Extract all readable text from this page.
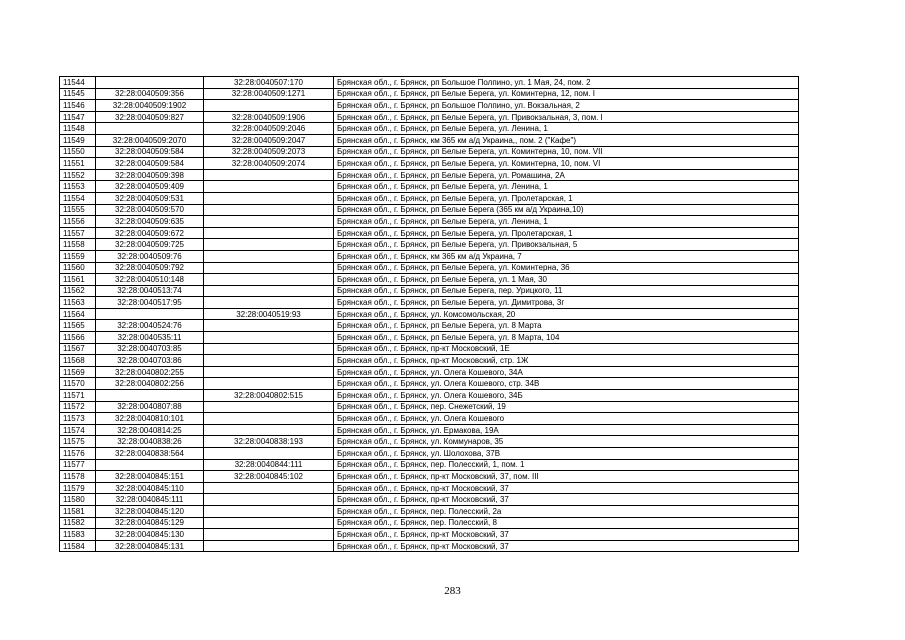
11544		32:28:0040507:170	Брянская обл., г. Брянск, рп Большое Полпино, ул. 1 Мая, 24, пом. 2
11545	32:28:0040509:356	32:28:0040509:1271	Брянская обл., г. Брянск, рп Белые Берега, ул. Коминтерна, 12, пом. I
11546	32:28:0040509:1902		Брянская обл., г. Брянск, рп Большое Полпино, ул. Вокзальная, 2
11547	32:28:0040509:827	32:28:0040509:1906	Брянская обл., г. Брянск, рп Белые Берега, ул. Привокзальная, 3, пом. I
11548		32:28:0040509:2046	Брянская обл., г. Брянск, рп Белые Берега, ул. Ленина, 1
11549	32:28:0040509:2070	32:28:0040509:2047	Брянская обл., г. Брянск, км 365 км а/д Украина,, пом. 2 ("Кафе")
11550	32:28:0040509:584	32:28:0040509:2073	Брянская обл., г. Брянск, рп Белые Берега, ул. Коминтерна, 10, пом. VII
11551	32:28:0040509:584	32:28:0040509:2074	Брянская обл., г. Брянск, рп Белые Берега, ул. Коминтерна, 10, пом. VI
11552	32:28:0040509:398		Брянская обл., г. Брянск, рп Белые Берега, ул. Ромашина, 2А
11553	32:28:0040509:409		Брянская обл., г. Брянск, рп Белые Берега, ул. Ленина, 1
11554	32:28:0040509:531		Брянская обл., г. Брянск, рп Белые Берега, ул. Пролетарская, 1
11555	32:28:0040509:570		Брянская обл., г. Брянск, рп Белые Берега (365 км а/д Украина,10)
11556	32:28:0040509:635		Брянская обл., г. Брянск, рп Белые Берега, ул. Ленина, 1
11557	32:28:0040509:672		Брянская обл., г. Брянск, рп Белые Берега, ул. Пролетарская, 1
11558	32:28:0040509:725		Брянская обл., г. Брянск, рп Белые Берега, ул. Привокзальная, 5
11559	32:28:0040509:76		Брянская обл., г. Брянск, км 365 км а/д Украина, 7
11560	32:28:0040509:792		Брянская обл., г. Брянск, рп Белые Берега, ул. Коминтерна, 36
11561	32:28:0040510:148		Брянская обл., г. Брянск, рп Белые Берега, ул. 1 Мая, 30
11562	32:28:0040513:74		Брянская обл., г. Брянск, рп Белые Берега, пер. Урицкого, 11
11563	32:28:0040517:95		Брянская обл., г. Брянск, рп Белые Берега, ул. Димитрова, 3г
11564		32:28:0040519:93	Брянская обл., г. Брянск, ул. Комсомольская, 20
11565	32:28:0040524:76		Брянская обл., г. Брянск, рп Белые Берега, ул. 8 Марта
11566	32:28:0040535:11		Брянская обл., г. Брянск, рп Белые Берега, ул. 8 Марта, 104
11567	32:28:0040703:85		Брянская обл., г. Брянск, пр-кт Московский, 1Е
11568	32:28:0040703:86		Брянская обл., г. Брянск, пр-кт Московский, стр. 1Ж
11569	32:28:0040802:255		Брянская обл., г. Брянск, ул. Олега Кошевого, 34А
11570	32:28:0040802:256		Брянская обл., г. Брянск, ул. Олега Кошевого, стр. 34В
11571		32:28:0040802:515	Брянская обл., г. Брянск, ул. Олега Кошевого, 34Б
11572	32:28:0040807:88		Брянская обл., г. Брянск, пер. Снежетский, 19
11573	32:28:0040810:101		Брянская обл., г. Брянск, ул. Олега Кошевого
11574	32:28:0040814:25		Брянская обл., г. Брянск, ул. Ермакова, 19А
11575	32:28:0040838:26	32:28:0040838:193	Брянская обл., г. Брянск, ул. Коммунаров, 35
11576	32:28:0040838:564		Брянская обл., г. Брянск, ул. Шолохова, 37В
11577		32:28:0040844:111	Брянская обл., г. Брянск, пер. Полесский, 1, пом. 1
11578	32:28:0040845:151	32:28:0040845:102	Брянская обл., г. Брянск, пр-кт Московский, 37, пом. III
11579	32:28:0040845:110		Брянская обл., г. Брянск, пр-кт Московский, 37
11580	32:28:0040845:111		Брянская обл., г. Брянск, пр-кт Московский, 37
11581	32:28:0040845:120		Брянская обл., г. Брянск, пер. Полесский, 2а
11582	32:28:0040845:129		Брянская обл., г. Брянск, пер. Полесский, 8
11583	32:28:0040845:130		Брянская обл., г. Брянск, пр-кт Московский, 37
11584	32:28:0040845:131		Брянская обл., г. Брянск, пр-кт Московский, 37
283
